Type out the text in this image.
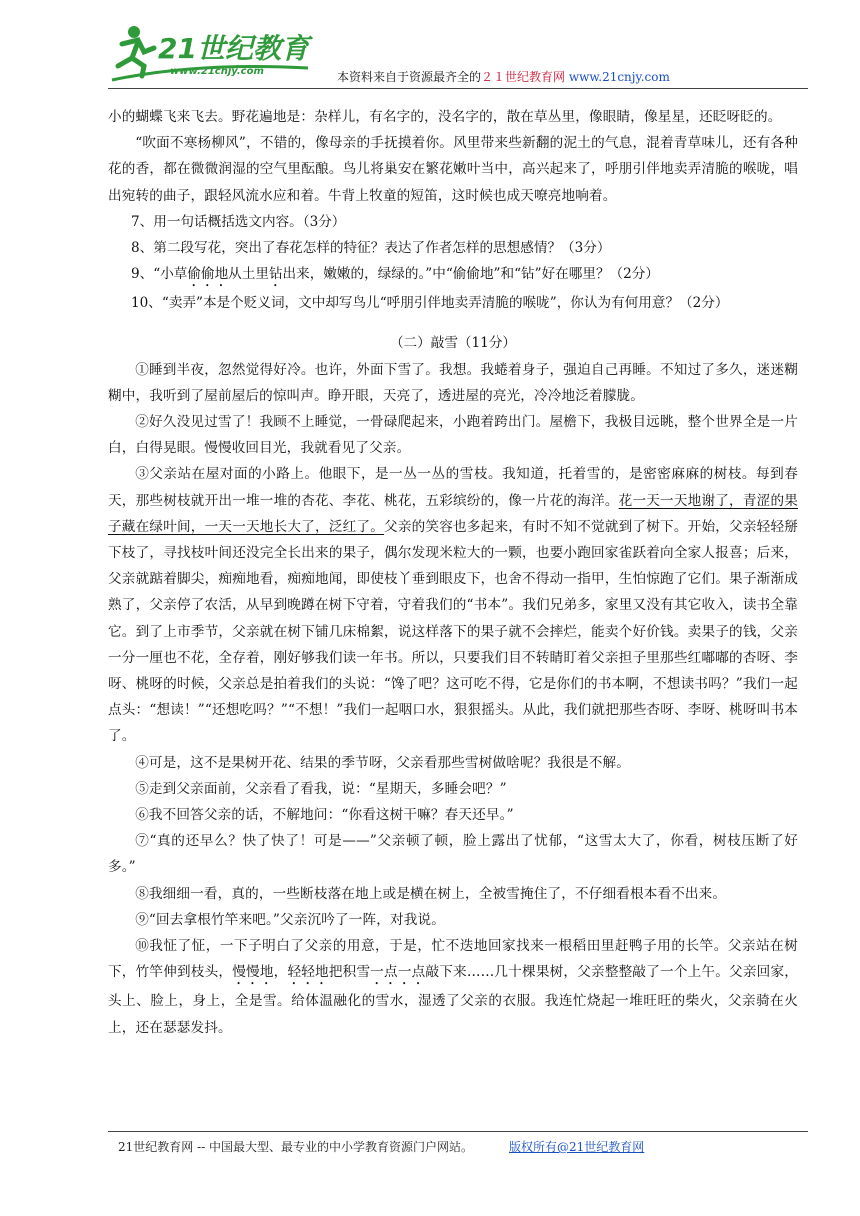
21世纪教育
www.21cnjy.com	本资料来自于资源最齐全的２１世纪教育网 www.21cnjy.com

小的蝴蝶飞来飞去。野花遍地是：杂样儿，有名字的，没名字的，散在草丛里，像眼睛，像星星，还眨呀眨的。

“吹面不寒杨柳风”，不错的，像母亲的手抚摸着你。风里带来些新翻的泥土的气息，混着青草味儿，还有各种花的香，都在微微润湿的空气里酝酿。鸟儿将巢安在繁花嫩叶当中，高兴起来了，呼朋引伴地卖弄清脆的喉咙，唱出宛转的曲子，跟轻风流水应和着。牛背上牧童的短笛，这时候也成天嘹亮地响着。

7、用一句话概括选文内容。（3分）

8、第二段写花，突出了春花怎样的特征？表达了作者怎样的思想感情？（3分）

9、“小草偷偷地从土里钻出来，嫩嫩的，绿绿的。”中“偷偷地”和“钻”好在哪里？（2分）

10、“卖弄”本是个贬义词，文中却写鸟儿“呼朋引伴地卖弄清脆的喉咙”，你认为有何用意？（2分）

（二）敲雪（11分）

①睡到半夜，忽然觉得好冷。也许，外面下雪了。我想。我蜷着身子，强迫自己再睡。不知过了多久，迷迷糊糊中，我听到了屋前屋后的惊叫声。睁开眼，天亮了，透进屋的亮光，冷冷地泛着朦胧。

②好久没见过雪了！我顾不上睡觉，一骨碌爬起来，小跑着跨出门。屋檐下，我极目远眺，整个世界全是一片白，白得晃眼。慢慢收回目光，我就看见了父亲。

③父亲站在屋对面的小路上。他眼下，是一丛一丛的雪枝。我知道，托着雪的，是密密麻麻的树枝。每到春天，那些树枝就开出一堆一堆的杏花、李花、桃花，五彩缤纷的，像一片花的海洋。花一天一天地谢了，青涩的果子藏在绿叶间，一天一天地长大了，泛红了。父亲的笑容也多起来，有时不知不觉就到了树下。开始，父亲轻轻掰下枝了，寻找枝叶间还没完全长出来的果子，偶尔发现米粒大的一颗，也要小跑回家雀跃着向全家人报喜；后来，父亲就踮着脚尖，痴痴地看，痴痴地闻，即使枝丫垂到眼皮下，也舍不得动一指甲，生怕惊跑了它们。果子渐渐成熟了，父亲停了农活，从早到晚蹲在树下守着，守着我们的“书本”。我们兄弟多，家里又没有其它收入，读书全靠它。到了上市季节，父亲就在树下铺几床棉絮，说这样落下的果子就不会摔烂，能卖个好价钱。卖果子的钱，父亲一分一厘也不花，全存着，刚好够我们读一年书。所以，只要我们目不转睛盯着父亲担子里那些红嘟嘟的杏呀、李呀、桃呀的时候，父亲总是拍着我们的头说：“馋了吧？这可吃不得，它是你们的书本啊，不想读书吗？”我们一起点头：“想读！”“还想吃吗？”“不想！”我们一起咽口水，狠狠摇头。从此，我们就把那些杏呀、李呀、桃呀叫书本了。

④可是，这不是果树开花、结果的季节呀，父亲看那些雪树做啥呢？我很是不解。

⑤走到父亲面前，父亲看了看我，说：“星期天，多睡会吧？”

⑥我不回答父亲的话，不解地问：“你看这树干嘛？春天还早。”

⑦“真的还早么？快了快了！可是——”父亲顿了顿，脸上露出了忧郁，“这雪太大了，你看，树枝压断了好多。”

⑧我细细一看，真的，一些断枝落在地上或是横在树上，全被雪掩住了，不仔细看根本看不出来。

⑨“回去拿根竹竿来吧。”父亲沉吟了一阵，对我说。

⑩我怔了怔，一下子明白了父亲的用意，于是，忙不迭地回家找来一根稻田里赶鸭子用的长竿。父亲站在树下，竹竿伸到枝头，慢慢地，轻轻地把积雪一点一点敲下来……几十棵果树，父亲整整敲了一个上午。父亲回家，头上、脸上，身上，全是雪。给体温融化的雪水，湿透了父亲的衣服。我连忙烧起一堆旺旺的柴火，父亲骑在火上，还在瑟瑟发抖。

21世纪教育网 -- 中国最大型、最专业的中小学教育资源门户网站。	版权所有@21世纪教育网
